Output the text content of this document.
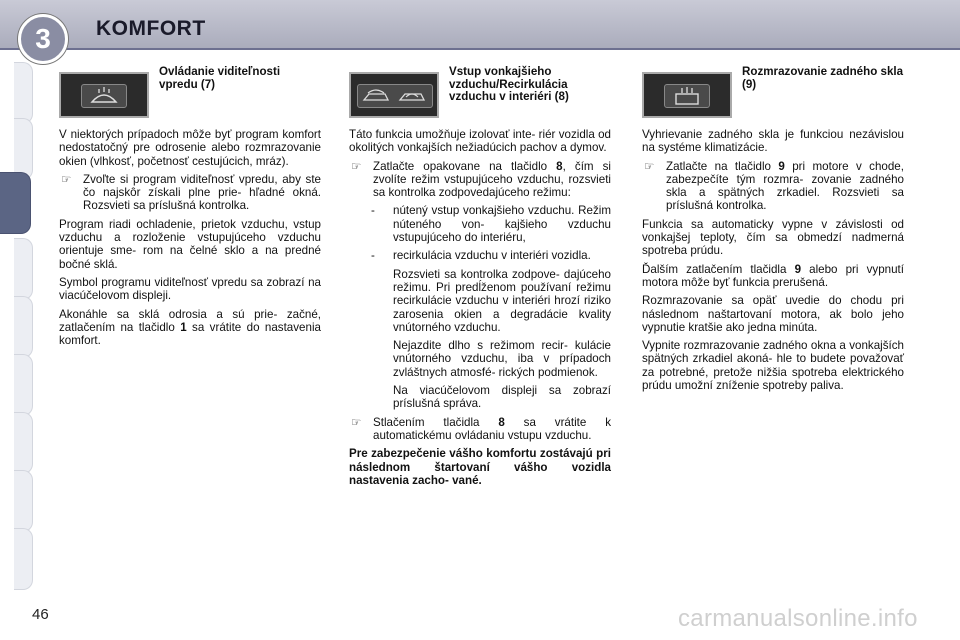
3	KOMFORT
Ovládanie viditeľnosti vpredu (7)

V niektorých prípadoch môže byť program komfort nedostatočný pre odrosenie alebo rozmrazovanie okien (vlhkosť, početnosť cestujúcich, mráz).

☞ Zvoľte si program viditeľnosť vpredu, aby ste čo najskôr získali plne prie- hľadné okná. Rozsvieti sa príslušná kontrolka.

Program riadi ochladenie, prietok vzduchu, vstup vzduchu a rozloženie vstupujúceho vzduchu orientuje sme- rom na čelné sklo a na predné bočné sklá.

Symbol programu viditeľnosť vpredu sa zobrazí na viacúčelovom displeji.

Akonáhle sa sklá odrosia a sú prie- začné, zatlačením na tlačidlo 1 sa vrátite do nastavenia komfort.

Vstup vonkajšieho vzduchu/Recirkulácia vzduchu v interiéri (8)

Táto funkcia umožňuje izolovať inte- riér vozidla od okolitých vonkajších nežiadúcich pachov a dymov.

☞ Zatlačte opakovane na tlačidlo 8, čím si zvolíte režim vstupujúceho vzduchu, rozsvieti sa kontrolka zodpovedajúceho režimu:
-	nútený vstup vonkajšieho vzduchu. Režim núteného von- kajšieho vzduchu vstupujúceho do interiéru,
-	recirkulácia vzduchu v interiéri vozidla.

Rozsvieti sa kontrolka zodpove- dajúceho režimu. Pri predĺženom používaní režimu recirkulácie vzduchu v interiéri hrozí riziko zarosenia okien a degradácie kvality vnútorného vzduchu.

Nejazdite dlho s režimom recir- kulácie vnútorného vzduchu, iba v prípadoch zvláštnych atmosfé- rických podmienok.

Na viacúčelovom displeji sa zobrazí príslušná správa.

☞ Stlačením tlačidla 8 sa vrátite k automatickému ovládaniu vstupu vzduchu.

Pre zabezpečenie vášho komfortu zostávajú pri následnom štartovaní vášho vozidla nastavenia zacho- vané.

Rozmrazovanie zadného skla (9)

Vyhrievanie zadného skla je funkciou nezávislou na systéme klimatizácie.

☞ Zatlačte na tlačidlo 9 pri motore v chode, zabezpečíte tým rozmra- zovanie zadného skla a spätných zrkadiel. Rozsvieti sa príslušná kontrolka.

Funkcia sa automaticky vypne v závislosti od vonkajšej teploty, čím sa obmedzí nadmerná spotreba prúdu.

Ďalším zatlačením tlačidla 9 alebo pri vypnutí motora môže byť funkcia prerušená.

Rozmrazovanie sa opäť uvedie do chodu pri následnom naštartovaní motora, ak bolo jeho vypnutie kratšie ako jedna minúta.

Vypnite rozmrazovanie zadného okna a vonkajších spätných zrkadiel akoná- hle to budete považovať za potrebné, pretože nižšia spotreba elektrického prúdu umožní zníženie spotreby paliva.

46	carmanualsonline.info
